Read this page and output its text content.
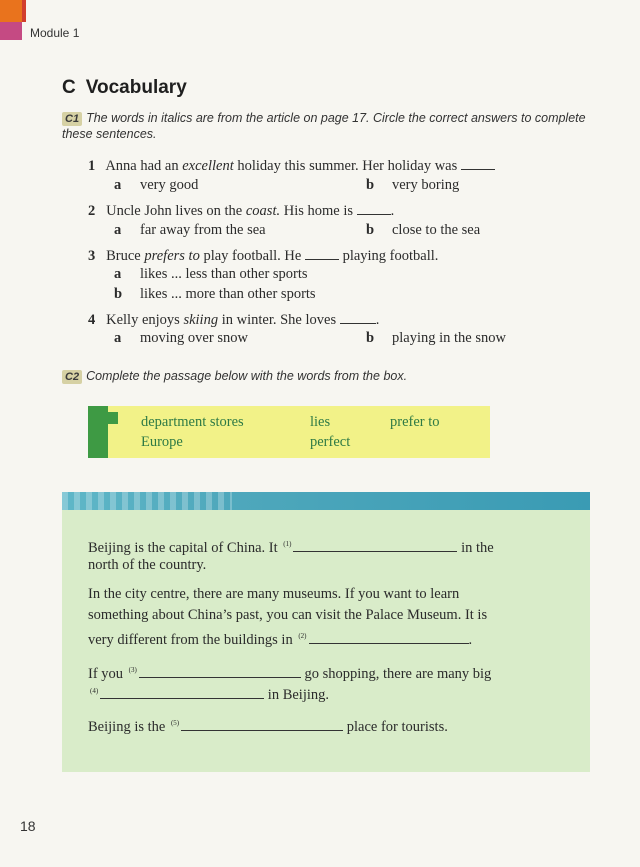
Module 1
C Vocabulary
C1 The words in italics are from the article on page 17. Circle the correct answers to complete these sentences.
1 Anna had an excellent holiday this summer. Her holiday was
a very good	b very boring
2 Uncle John lives on the coast. His home is	.
a far away from the sea	b close to the sea
3 Bruce prefers to play football. He	playing football.
a likes ... less than other sports
b likes ... more than other sports
4 Kelly enjoys skiing in winter. She loves	.
a moving over snow	b playing in the snow
C2 Complete the passage below with the words from the box.
department stores	lies	prefer to
Europe	perfect
Beijing is the capital of China. It $^{(1)}$	in the
north of the country.
In the city centre, there are many museums. If you want to learn
something about China’s past, you can visit the Palace Museum. It is
very different from the buildings in $^{(2)}$	.
If you $^{(3)}$	go shopping, there are many big
$^{(4)}$	in Beijing.
Beijing is the $^{(5)}$	place for tourists.
18
